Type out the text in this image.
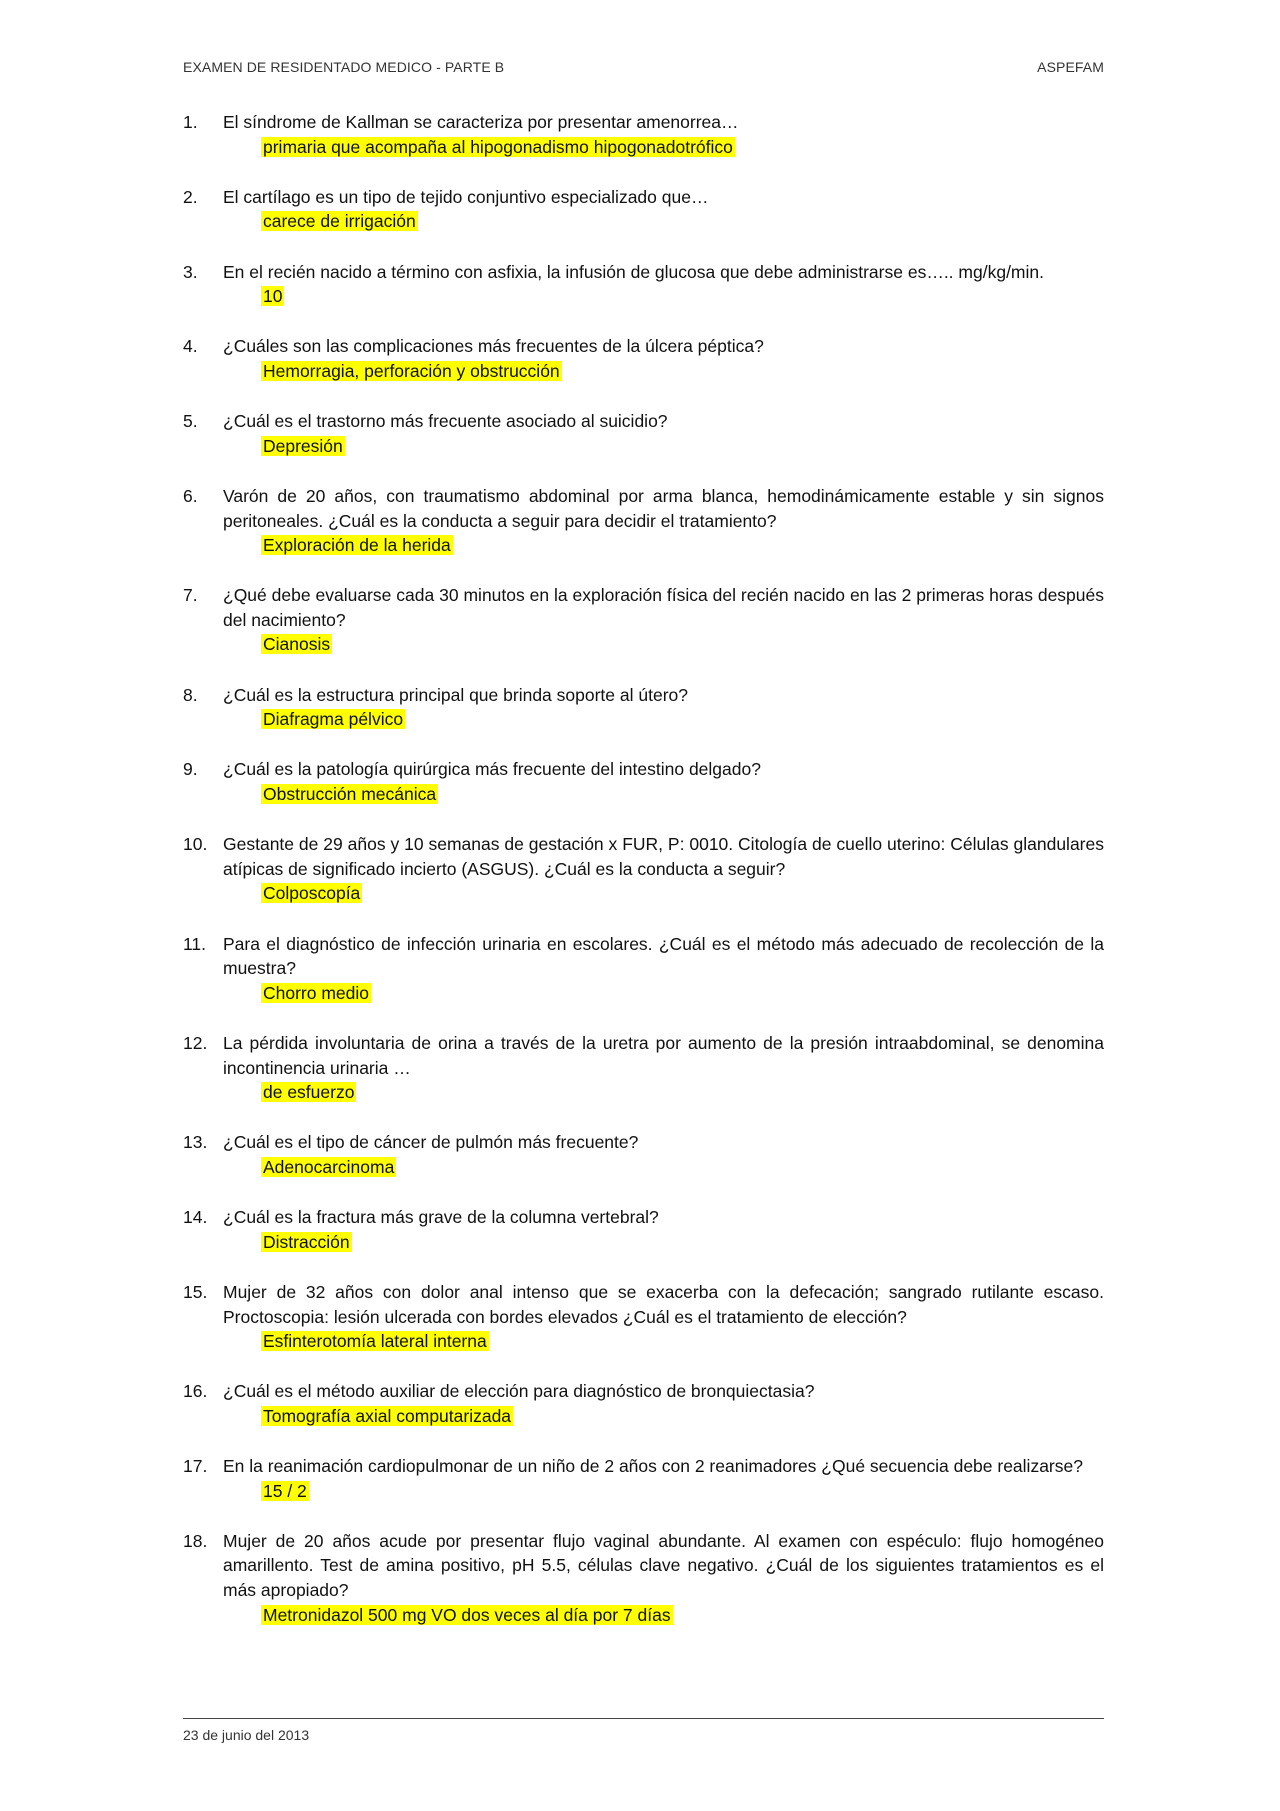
EXAMEN DE RESIDENTADO MEDICO - PARTE B	ASPEFAM
1. El síndrome de Kallman se caracteriza por presentar amenorrea…

primaria que acompaña al hipogonadismo hipogonadotrófico

2. El cartílago es un tipo de tejido conjuntivo especializado que…

carece de irrigación

3. En el recién nacido a término con asfixia, la infusión de glucosa que debe administrarse es….. mg/kg/min.

10

4. ¿Cuáles son las complicaciones más frecuentes de la úlcera péptica?

Hemorragia, perforación y obstrucción

5. ¿Cuál es el trastorno más frecuente asociado al suicidio?

Depresión

6. Varón de 20 años, con traumatismo abdominal por arma blanca, hemodinámicamente estable y sin signos peritoneales. ¿Cuál es la conducta a seguir para decidir el tratamiento?

Exploración de la herida

7. ¿Qué debe evaluarse cada 30 minutos en la exploración física del recién nacido en las 2 primeras horas después del nacimiento?

Cianosis

8. ¿Cuál es la estructura principal que brinda soporte al útero?

Diafragma pélvico

9. ¿Cuál es la patología quirúrgica más frecuente del intestino delgado?

Obstrucción mecánica

10. Gestante de 29 años y 10 semanas de gestación x FUR, P: 0010. Citología de cuello uterino: Células glandulares atípicas de significado incierto (ASGUS). ¿Cuál es la conducta a seguir?

Colposcopía

11. Para el diagnóstico de infección urinaria en escolares. ¿Cuál es el método más adecuado de recolección de la muestra?

Chorro medio

12. La pérdida involuntaria de orina a través de la uretra por aumento de la presión intraabdominal, se denomina incontinencia urinaria …

de esfuerzo

13. ¿Cuál es el tipo de cáncer de pulmón más frecuente?

Adenocarcinoma

14. ¿Cuál es la fractura más grave de la columna vertebral?

Distracción

15. Mujer de 32 años con dolor anal intenso que se exacerba con la defecación; sangrado rutilante escaso. Proctoscopia: lesión ulcerada con bordes elevados ¿Cuál es el tratamiento de elección?

Esfinterotomía lateral interna

16. ¿Cuál es el método auxiliar de elección para diagnóstico de bronquiectasia?

Tomografía axial computarizada

17. En la reanimación cardiopulmonar de un niño de 2 años con 2 reanimadores ¿Qué secuencia debe realizarse?

15 / 2

18. Mujer de 20 años acude por presentar flujo vaginal abundante. Al examen con espéculo: flujo homogéneo amarillento. Test de amina positivo, pH 5.5, células clave negativo. ¿Cuál de los siguientes tratamientos es el más apropiado?

Metronidazol 500 mg VO dos veces al día por 7 días

23 de junio del 2013
